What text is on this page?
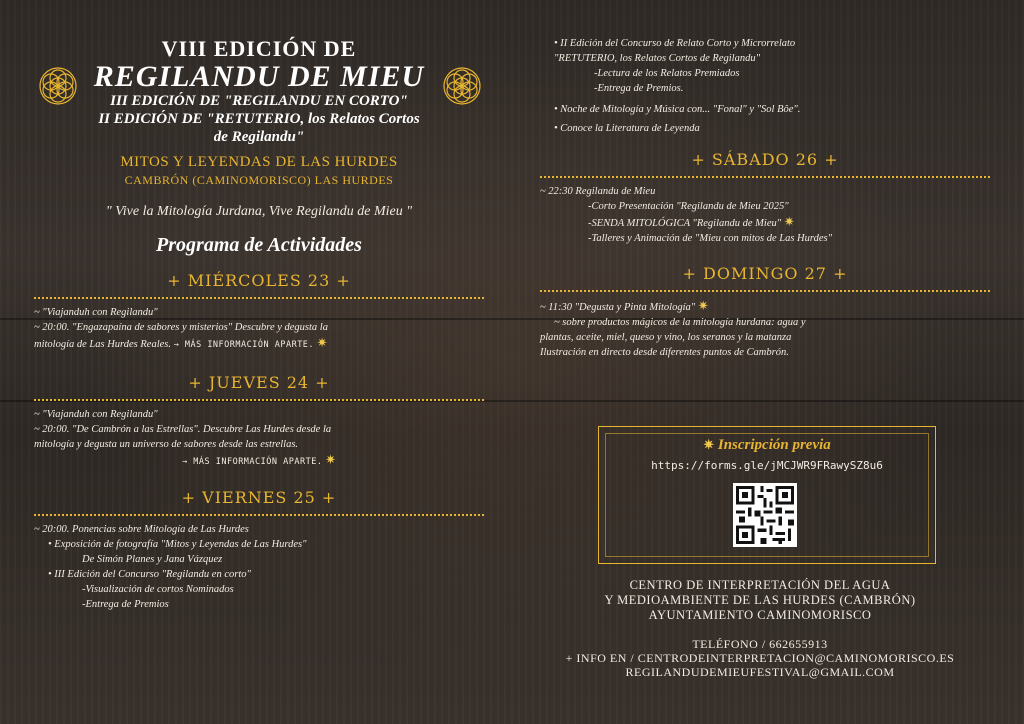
VIII EDICIÓN DE
REGILANDU DE MIEU
III EDICIÓN DE "REGILANDU EN CORTO"
II EDICIÓN DE "RETUTERIO, los Relatos Cortos
de Regilandu"
MITOS Y LEYENDAS DE LAS HURDES
CAMBRÓN (CAMINOMORISCO) LAS HURDES
" Vive la Mitología Jurdana, Vive Regilandu de Mieu "
Programa de Actividades
+ MIÉRCOLES 23 +
~ "Viajanduh con Regilandu"
~ 20:00. "Engazapaína de sabores y misterios" Descubre y degusta la
mitología de Las Hurdes Reales. → MÁS INFORMACIÓN APARTE. ✷
+ JUEVES 24 +
~ "Viajanduh con Regilandu"
~ 20:00. "De Cambrón a las Estrellas". Descubre Las Hurdes desde la
mitología y degusta un universo de sabores desde las estrellas.
→ MÁS INFORMACIÓN APARTE. ✷
+ VIERNES 25 +
~ 20:00. Ponencias sobre Mitología de Las Hurdes
• Exposición de fotografía "Mitos y Leyendas de Las Hurdes"
De Simón Planes y Jana Vázquez
• III Edición del Concurso "Regilandu en corto"
-Visualización de cortos Nominados
-Entrega de Premios
• II Edición del Concurso de Relato Corto y Microrrelato
"RETUTERIO, los Relatos Cortos de Regilandu"
-Lectura de los Relatos Premiados
-Entrega de Premios.
• Noche de Mitología y Música con... "Fonal" y "Sol Bôe".
• Conoce la Literatura de Leyenda
+ SÁBADO 26 +
~ 22:30 Regilandu de Mieu
-Corto Presentación "Regilandu de Mieu 2025"
-SENDA MITOLÓGICA "Regilandu de Mieu" ✷
-Talleres y Animación de "Mieu con mitos de Las Hurdes"
+ DOMINGO 27 +
~ 11:30 "Degusta y Pinta Mitología" ✷
~ sobre productos mágicos de la mitología hurdana: agua y
plantas, aceite, miel, queso y vino, los seranos y la matanza
Ilustración en directo desde diferentes puntos de Cambrón.
✷ Inscripción previa
https://forms.gle/jMCJWR9FRawySZ8u6
CENTRO DE INTERPRETACIÓN DEL AGUA
Y MEDIOAMBIENTE DE LAS HURDES (CAMBRÓN)
AYUNTAMIENTO CAMINOMORISCO
TELÉFONO / 662655913
+ INFO EN / CENTRODEINTERPRETACION@CAMINOMORISCO.ES
REGILANDUDEMIEUFESTIVAL@GMAIL.COM
